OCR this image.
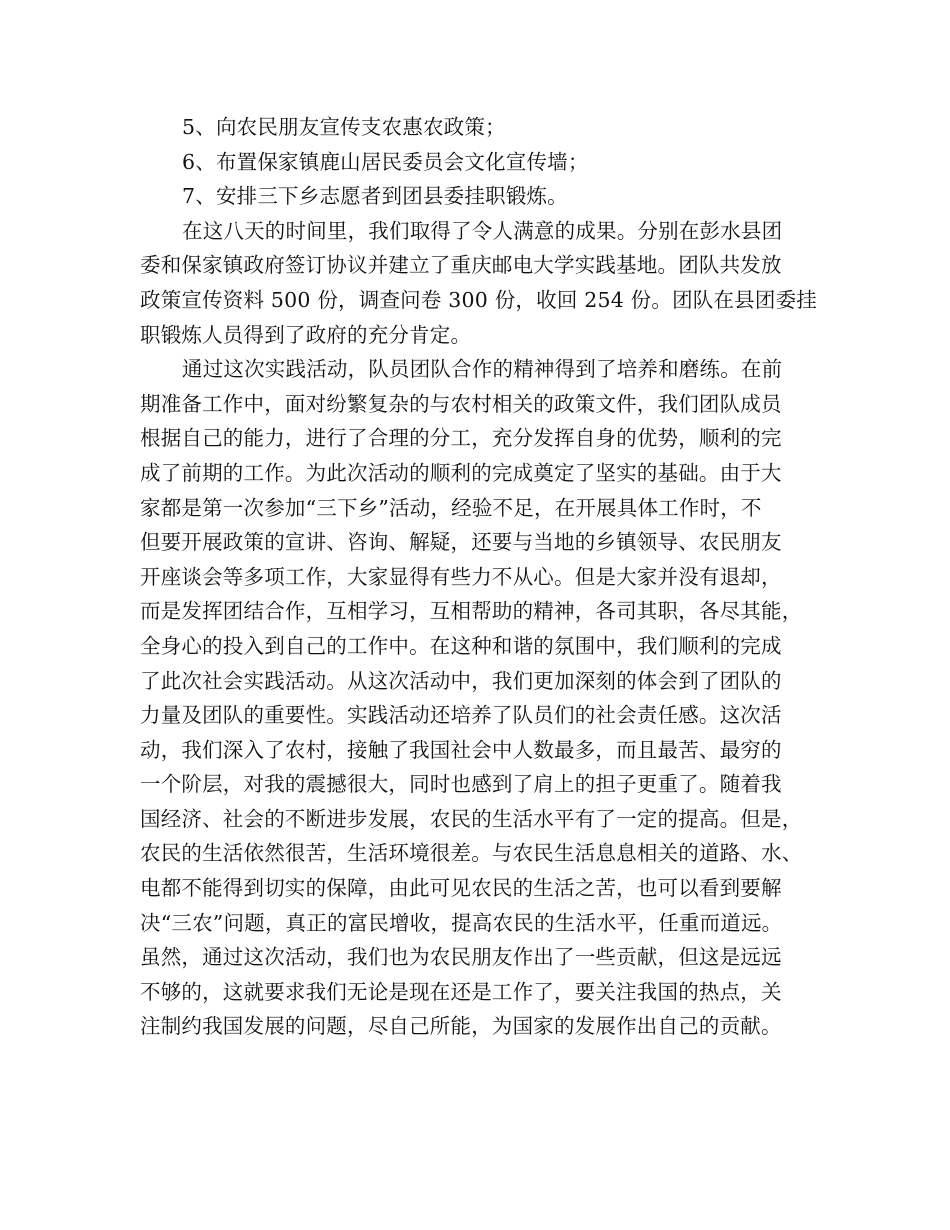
5、向农民朋友宣传支农惠农政策；
6、布置保家镇鹿山居民委员会文化宣传墙；
7、安排三下乡志愿者到团县委挂职锻炼。
在这八天的时间里，我们取得了令人满意的成果。分别在彭水县团
委和保家镇政府签订协议并建立了重庆邮电大学实践基地。团队共发放
政策宣传资料 500 份，调查问卷 300 份，收回 254 份。团队在县团委挂
职锻炼人员得到了政府的充分肯定。
通过这次实践活动，队员团队合作的精神得到了培养和磨练。在前
期准备工作中，面对纷繁复杂的与农村相关的政策文件，我们团队成员
根据自己的能力，进行了合理的分工，充分发挥自身的优势，顺利的完
成了前期的工作。为此次活动的顺利的完成奠定了坚实的基础。由于大
家都是第一次参加“三下乡”活动，经验不足，在开展具体工作时，不
但要开展政策的宣讲、咨询、解疑，还要与当地的乡镇领导、农民朋友
开座谈会等多项工作，大家显得有些力不从心。但是大家并没有退却，
而是发挥团结合作，互相学习，互相帮助的精神，各司其职，各尽其能，
全身心的投入到自己的工作中。在这种和谐的氛围中，我们顺利的完成
了此次社会实践活动。从这次活动中，我们更加深刻的体会到了团队的
力量及团队的重要性。实践活动还培养了队员们的社会责任感。这次活
动，我们深入了农村，接触了我国社会中人数最多，而且最苦、最穷的
一个阶层，对我的震撼很大，同时也感到了肩上的担子更重了。随着我
国经济、社会的不断进步发展，农民的生活水平有了一定的提高。但是，
农民的生活依然很苦，生活环境很差。与农民生活息息相关的道路、水、
电都不能得到切实的保障，由此可见农民的生活之苦，也可以看到要解
决“三农”问题，真正的富民增收，提高农民的生活水平，任重而道远。
虽然，通过这次活动，我们也为农民朋友作出了一些贡献，但这是远远
不够的，这就要求我们无论是现在还是工作了，要关注我国的热点，关
注制约我国发展的问题，尽自己所能，为国家的发展作出自己的贡献。
